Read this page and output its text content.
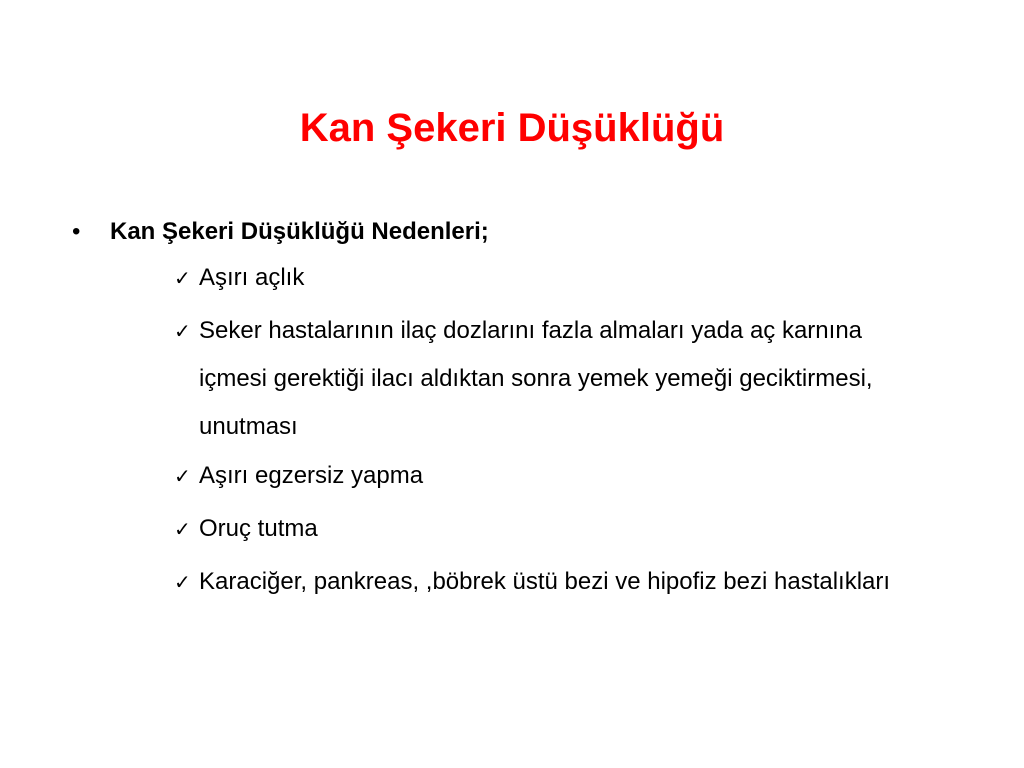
Kan Şekeri Düşüklüğü
• Kan Şekeri Düşüklüğü Nedenleri;
✓ Aşırı açlık
✓ Seker hastalarının ilaç dozlarını fazla almaları yada aç karnına içmesi gerektiği ilacı aldıktan sonra yemek yemeği geciktirmesi, unutması
✓ Aşırı egzersiz yapma
✓ Oruç tutma
✓ Karaciğer, pankreas, ,böbrek üstü bezi ve hipofiz bezi hastalıkları
